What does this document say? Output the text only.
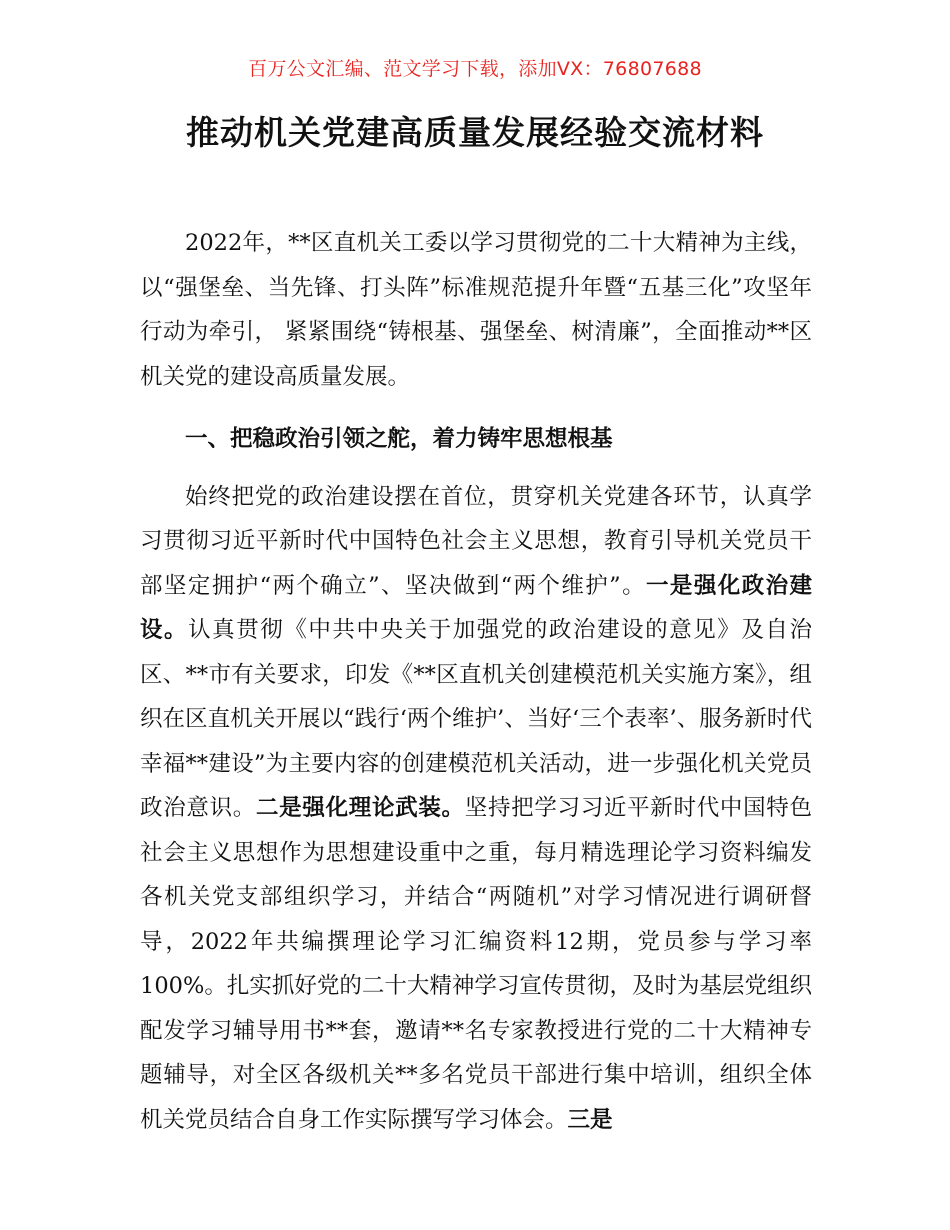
百万公文汇编、范文学习下载，添加VX：76807688
推动机关党建高质量发展经验交流材料

2022年，**区直机关工委以学习贯彻党的二十大精神为主线，以“强堡垒、当先锋、打头阵”标准规范提升年暨“五基三化”攻坚年行动为牵引， 紧紧围绕“铸根基、强堡垒、树清廉”，全面推动**区机关党的建设高质量发展。

一、把稳政治引领之舵，着力铸牢思想根基

始终把党的政治建设摆在首位，贯穿机关党建各环节，认真学习贯彻习近平新时代中国特色社会主义思想，教育引导机关党员干部坚定拥护“两个确立”、坚决做到“两个维护”。一是强化政治建设。认真贯彻《中共中央关于加强党的政治建设的意见》及自治区、**市有关要求，印发《**区直机关创建模范机关实施方案》，组织在区直机关开展以“践行‘两个维护’、当好‘三个表率’、服务新时代幸福**建设”为主要内容的创建模范机关活动，进一步强化机关党员政治意识。二是强化理论武装。坚持把学习习近平新时代中国特色社会主义思想作为思想建设重中之重，每月精选理论学习资料编发各机关党支部组织学习，并结合“两随机”对学习情况进行调研督导，2022年共编撰理论学习汇编资料12期，党员参与学习率100%。扎实抓好党的二十大精神学习宣传贯彻，及时为基层党组织配发学习辅导用书**套，邀请**名专家教授进行党的二十大精神专题辅导，对全区各级机关**多名党员干部进行集中培训，组织全体机关党员结合自身工作实际撰写学习体会。三是
